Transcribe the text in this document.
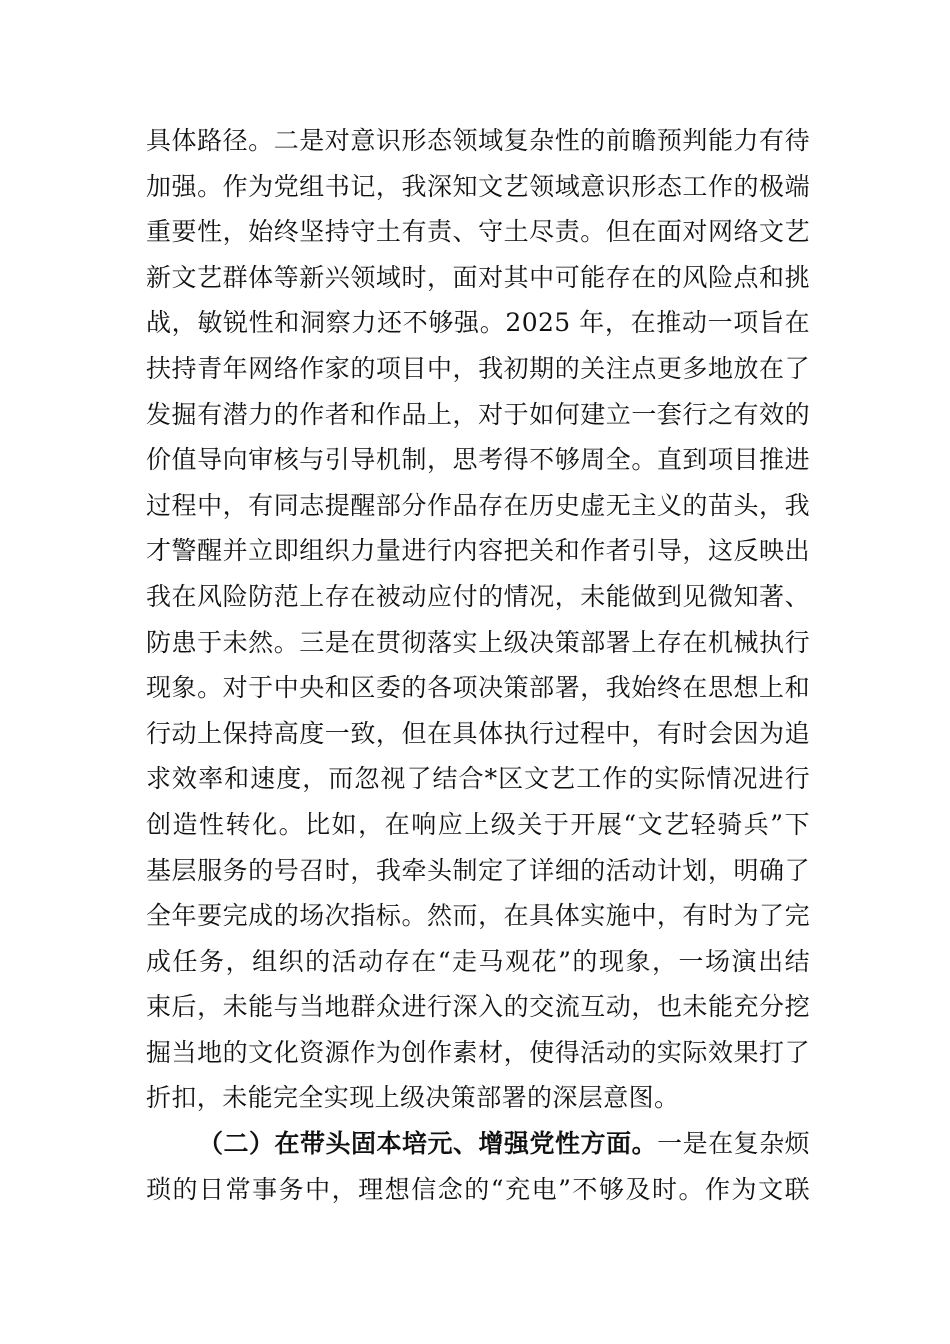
具体路径。二是对意识形态领域复杂性的前瞻预判能力有待
加强。作为党组书记，我深知文艺领域意识形态工作的极端
重要性，始终坚持守土有责、守土尽责。但在面对网络文艺
新文艺群体等新兴领域时，面对其中可能存在的风险点和挑
战，敏锐性和洞察力还不够强。2025 年，在推动一项旨在
扶持青年网络作家的项目中，我初期的关注点更多地放在了
发掘有潜力的作者和作品上，对于如何建立一套行之有效的
价值导向审核与引导机制，思考得不够周全。直到项目推进
过程中，有同志提醒部分作品存在历史虚无主义的苗头，我
才警醒并立即组织力量进行内容把关和作者引导，这反映出
我在风险防范上存在被动应付的情况，未能做到见微知著、
防患于未然。三是在贯彻落实上级决策部署上存在机械执行
现象。对于中央和区委的各项决策部署，我始终在思想上和
行动上保持高度一致，但在具体执行过程中，有时会因为追
求效率和速度，而忽视了结合*区文艺工作的实际情况进行
创造性转化。比如，在响应上级关于开展“文艺轻骑兵”下
基层服务的号召时，我牵头制定了详细的活动计划，明确了
全年要完成的场次指标。然而，在具体实施中，有时为了完
成任务，组织的活动存在“走马观花”的现象，一场演出结
束后，未能与当地群众进行深入的交流互动，也未能充分挖
掘当地的文化资源作为创作素材，使得活动的实际效果打了
折扣，未能完全实现上级决策部署的深层意图。
（二）在带头固本培元、增强党性方面。一是在复杂烦
琐的日常事务中，理想信念的“充电”不够及时。作为文联
